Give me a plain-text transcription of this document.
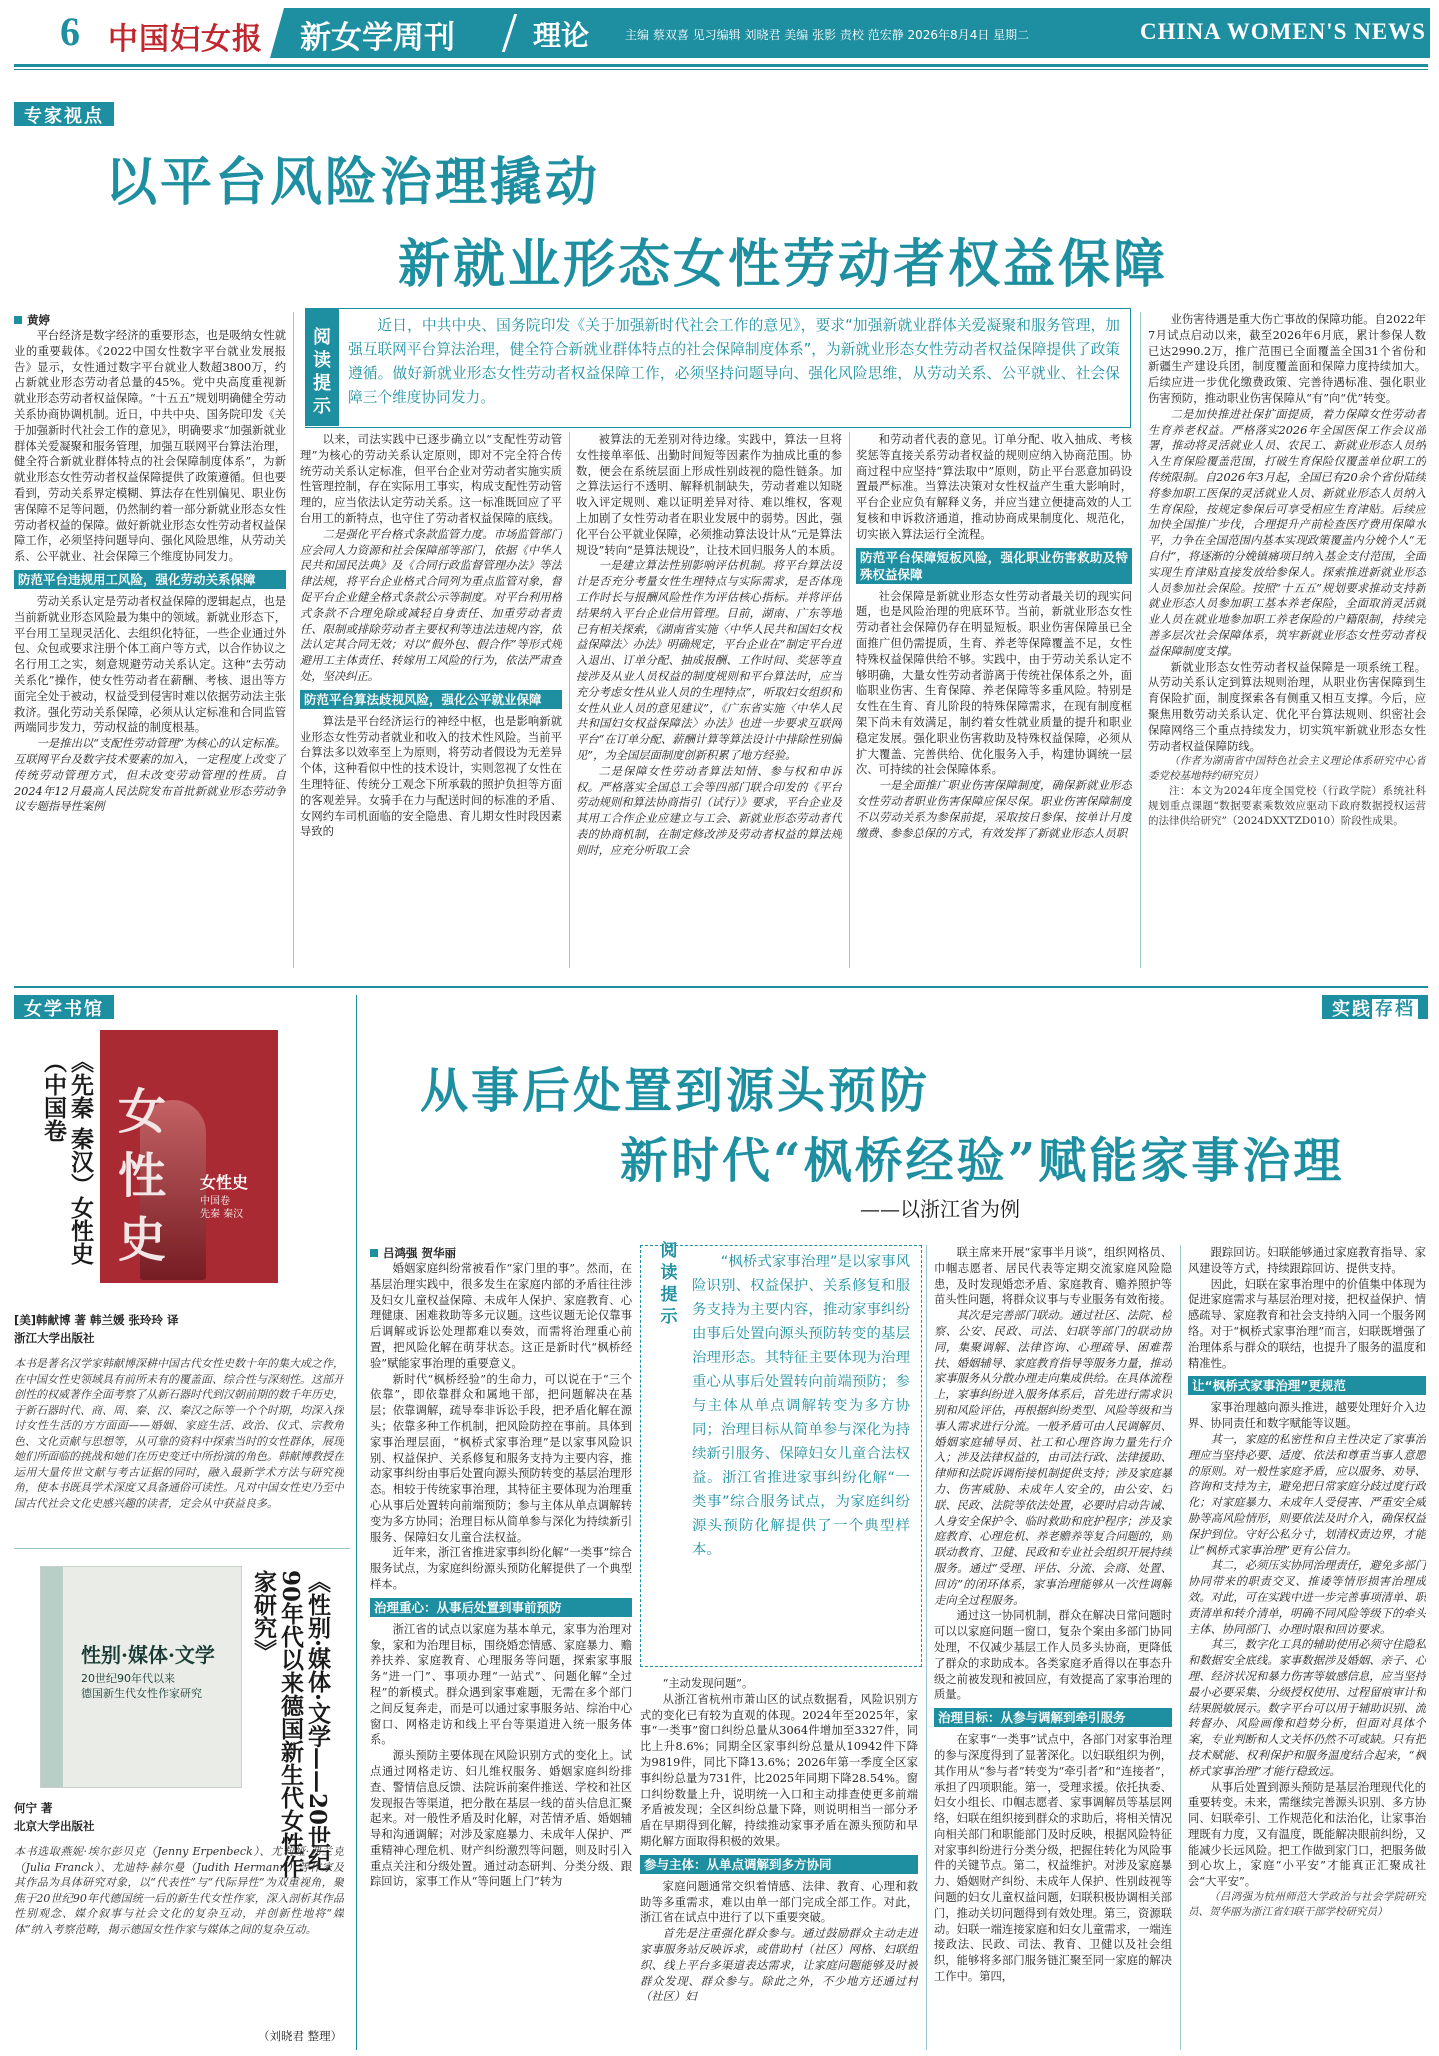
6 中国妇女报 新女学周刊	理论	主编 蔡双喜 见习编辑 刘晓君 美编 张影 责校 范宏静 2026年8月4日 星期二	CHINA WOMEN'S NEWS
专家视点
以平台风险治理撬动
新就业形态女性劳动者权益保障
阅读提示
近日，中共中央、国务院印发《关于加强新时代社会工作的意见》，要求“加强新就业群体关爱凝聚和服务管理，加强互联网平台算法治理，健全符合新就业群体特点的社会保障制度体系”，为新就业形态女性劳动者权益保障提供了政策遵循。做好新就业形态女性劳动者权益保障工作，必须坚持问题导向、强化风险思维，从劳动关系、公平就业、社会保障三个维度协同发力。

黄婷

平台经济是数字经济的重要形态，也是吸纳女性就业的重要载体。《2022中国女性数字平台就业发展报告》显示，女性通过数字平台就业人数超3800万，约占新就业形态劳动者总量的45%。党中央高度重视新就业形态劳动者权益保障。“十五五”规划明确健全劳动关系协商协调机制。近日，中共中央、国务院印发《关于加强新时代社会工作的意见》，明确要求“加强新就业群体关爱凝聚和服务管理，加强互联网平台算法治理，健全符合新就业群体特点的社会保障制度体系”，为新就业形态女性劳动者权益保障提供了政策遵循。但也要看到，劳动关系界定模糊、算法存在性别偏见、职业伤害保障不足等问题，仍然制约着一部分新就业形态女性劳动者权益的保障。做好新就业形态女性劳动者权益保障工作，必须坚持问题导向、强化风险思维，从劳动关系、公平就业、社会保障三个维度协同发力。

防范平台违规用工风险，强化劳动关系保障

劳动关系认定是劳动者权益保障的逻辑起点，也是当前新就业形态风险最为集中的领域。新就业形态下，平台用工呈现灵活化、去组织化特征，一些企业通过外包、众包或要求注册个体工商户等方式，以合作协议之名行用工之实，刻意规避劳动关系认定。这种“去劳动关系化”操作，使女性劳动者在薪酬、考核、退出等方面完全处于被动，权益受到侵害时难以依据劳动法主张救济。强化劳动关系保障，必须从认定标准和合同监管两端同步发力，劳动权益的制度根基。

一是推出以“支配性劳动管理”为核心的认定标准。互联网平台及数字技术要素的加入，一定程度上改变了传统劳动管理方式，但未改变劳动管理的性质。自2024年12月最高人民法院发布首批新就业形态劳动争议专题指导性案例

以来，司法实践中已逐步确立以“支配性劳动管理”为核心的劳动关系认定原则，即对不完全符合传统劳动关系认定标准，但平台企业对劳动者实施实质性管理控制，存在实际用工事实，构成支配性劳动管理的，应当依法认定劳动关系。这一标准既回应了平台用工的新特点，也守住了劳动者权益保障的底线。

二是强化平台格式条款监管力度。市场监管部门应会同人力资源和社会保障部等部门，依据《中华人民共和国民法典》及《合同行政监督管理办法》等法律法规，将平台企业格式合同列为重点监管对象，督促平台企业健全格式条款公示等制度。对平台利用格式条款不合理免除或减轻自身责任、加重劳动者责任、限制或排除劳动者主要权利等违法违规内容，依法认定其合同无效；对以“假外包、假合作”等形式规避用工主体责任、转嫁用工风险的行为，依法严肃查处，坚决纠正。

防范平台算法歧视风险，强化公平就业保障

算法是平台经济运行的神经中枢，也是影响新就业形态女性劳动者就业和收入的技术性风险。当前平台算法多以效率至上为原则，将劳动者假设为无差异个体，这种看似中性的技术设计，实则忽视了女性在生理特征、传统分工观念下所承载的照护负担等方面的客观差异。女骑手在力与配送时间的标准的矛盾、女网约车司机面临的安全隐患、育儿期女性时段因素导致的

被算法的无差别对待边缘。实践中，算法一旦将女性接单率低、出勤时间短等因素作为抽成比重的参数，便会在系统层面上形成性别歧视的隐性链条。加之算法运行不透明、解释机制缺失，劳动者难以知晓收入评定规则、难以证明差异对待、难以维权，客观上加剧了女性劳动者在职业发展中的弱势。因此，强化平台公平就业保障，必须推动算法设计从“元是算法规设”转向“是算法规设”，让技术回归服务人的本质。

一是建立算法性别影响评估机制。将平台算法设计是否充分考量女性生理特点与实际需求，是否体现工作时长与报酬风险性作为评估核心指标。并将评估结果纳入平台企业信用管理。目前，湖南、广东等地已有相关探索，《湖南省实施〈中华人民共和国妇女权益保障法〉办法》明确规定，平台企业在“制定平台进入退出、订单分配、抽成报酬、工作时间、奖惩等直接涉及从业人员权益的制度规则和平台算法时，应当充分考虑女性从业人员的生理特点”，听取妇女组织和女性从业人员的意见建议”，《广东省实施〈中华人民共和国妇女权益保障法〉办法》也进一步要求互联网平台“在订单分配、薪酬计算等算法设计中排除性别偏见”，为全国层面制度创新积累了地方经验。

二是保障女性劳动者算法知情、参与权和申诉权。严格落实全国总工会等四部门联合印发的《平台劳动规则和算法协商指引（试行）》要求，平台企业及其用工合作企业应建立与工会、新就业形态劳动者代表的协商机制，在制定修改涉及劳动者权益的算法规则时，应充分听取工会

和劳动者代表的意见。订单分配、收入抽成、考核奖惩等直接关系劳动者权益的规则应纳入协商范围。协商过程中应坚持“算法取中”原则，防止平台恶意加码设置最严标准。当算法决策对女性权益产生重大影响时，平台企业应负有解释义务，并应当建立便捷高效的人工复核和申诉救济通道，推动协商成果制度化、规范化，切实嵌入算法运行全流程。

防范平台保障短板风险，强化职业伤害救助及特殊权益保障

社会保障是新就业形态女性劳动者最关切的现实问题，也是风险治理的兜底环节。当前，新就业形态女性劳动者社会保障仍存在明显短板。职业伤害保障虽已全面推广但仍需提质，生育、养老等保障覆盖不足，女性特殊权益保障供给不够。实践中，由于劳动关系认定不够明确，大量女性劳动者游离于传统社保体系之外，面临职业伤害、生育保障、养老保障等多重风险。特别是女性在生育、育儿阶段的特殊保障需求，在现有制度框架下尚未有效满足，制约着女性就业质量的提升和职业稳定发展。强化职业伤害救助及特殊权益保障，必须从扩大覆盖、完善供给、优化服务入手，构建协调统一层次、可持续的社会保障体系。

一是全面推广职业伤害保障制度，确保新就业形态女性劳动者职业伤害保障应保尽保。职业伤害保障制度不以劳动关系为参保前提，采取按日参保、按单计月度缴费、参参总保的方式，有效发挥了新就业形态人员职

业伤害待遇是重大伤亡事故的保障功能。自2022年7月试点启动以来，截至2026年6月底，累计参保人数已达2990.2万，推广范围已全面覆盖全国31个省份和新疆生产建设兵团，制度覆盖面和保障力度持续加大。后续应进一步优化缴费政策、完善待遇标准、强化职业伤害预防，推动职业伤害保障从“有”向“优”转变。

二是加快推进社保扩面提质，着力保障女性劳动者生育养老权益。严格落实2026年全国医保工作会议部署，推动将灵活就业人员、农民工、新就业形态人员纳入生育保险覆盖范围，打破生育保险仅覆盖单位职工的传统限制。自2026年3月起，全国已有20余个省份陆续将参加职工医保的灵活就业人员、新就业形态人员纳入生育保险，按规定参保后可享受相应生育津贴。后续应加快全国推广步伐，合理提升产前检查医疗费用保障水平，力争在全国范围内基本实现政策覆盖内分娩个人“无自付”，将逐渐的分娩镇痛项目纳入基金支付范围，全面实现生育津贴直接发放给参保人。探索推进新就业形态人员参加社会保险。按照“十五五”规划要求推动支持新就业形态人员参加职工基本养老保险，全面取消灵活就业人员在就业地参加职工养老保险的户籍限制，持续完善多层次社会保障体系，筑牢新就业形态女性劳动者权益保障制度支撑。

新就业形态女性劳动者权益保障是一项系统工程。从劳动关系认定到算法规则治理，从职业伤害保障到生育保险扩面，制度探索各有侧重又相互支撑。今后，应聚焦用数劳动关系认定、优化平台算法规则、织密社会保障网络三个重点持续发力，切实筑牢新就业形态女性劳动者权益保障防线。

（作者为湖南省中国特色社会主义理论体系研究中心省委党校基地特约研究员）

注：本文为2024年度全国党校（行政学院）系统社科规划重点课题“数据要素乘数效应驱动下政府数据授权运营的法律供给研究”（2024DXXTZD010）阶段性成果。

女学书馆
《先秦 秦汉）女性史（中国卷	女
性
史
女性史
中国卷
先秦 秦汉
[美]韩献博 著 韩兰媛 张玲玲 译
浙江大学出版社
本书是著名汉学家韩献博深耕中国古代女性史数十年的集大成之作，在中国女性史领域具有前所未有的覆盖面、综合性与深刻性。这部开创性的权威著作全面考察了从新石器时代到汉朝前期的数千年历史，于新石器时代、商、周、秦、汉、秦汉之际等一个个时期，均深入探讨女性生活的方方面面——婚姻、家庭生活、政治、仪式、宗教角色、文化贡献与思想等，从可靠的资料中探索当时的女性群体，展现她们所面临的挑战和她们在历史变迁中所扮演的角色。韩献博教授在运用大量传世文献与考古证据的同时，融入最新学术方法与研究视角，使本书既具学术深度又具备通俗可读性。凡对中国女性史乃至中国古代社会文化史感兴趣的读者，定会从中获益良多。
性别·媒体·文学
20世纪90年代以来
德国新生代女性作家研究	《性别·媒体·文学——20世纪90年代以来德国新生代女性作家研究》
何宁 著
北京大学出版社
本书选取燕妮·埃尔彭贝克（Jenny Erpenbeck）、尤莉娅·弗兰克（Julia Franck）、尤迪特·赫尔曼（Judith Hermann）等作家及其作品为具体研究对象，以“代表性”与“代际异性”为双重视角，聚焦于20世纪90年代德国统一后的新生代女性作家，深入剖析其作品性别观念、媒介叙事与社会文化的复杂互动，并创新性地将“媒体”纳入考察范畴，揭示德国女性作家与媒体之间的复杂互动。
（刘晓君 整理）
实践 存档
从事后处置到源头预防
新时代“枫桥经验”赋能家事治理
——以浙江省为例

吕鸿强 贺华丽

婚姻家庭纠纷常被看作“家门里的事”。然而，在基层治理实践中，很多发生在家庭内部的矛盾往往涉及妇女儿童权益保障、未成年人保护、家庭教育、心理健康、困难救助等多元议题。这些议题无论仅靠事后调解或诉讼处理都难以奏效，而需将治理重心前置，把风险化解在萌芽状态。这正是新时代“枫桥经验”赋能家事治理的重要意义。

新时代“枫桥经验”的生命力，可以说在于“三个依靠”，即依靠群众和属地干部，把问题解决在基层；依靠调解，疏导奉非诉讼手段，把矛盾化解在源头；依靠多种工作机制，把风险防控在事前。具体到家事治理层面，“枫桥式家事治理”是以家事风险识别、权益保护、关系修复和服务支持为主要内容，推动家事纠纷由事后处置向源头预防转变的基层治理形态。相较于传统家事治理，其特征主要体现为治理重心从事后处置转向前端预防；参与主体从单点调解转变为多方协同；治理目标从简单参与深化为持续新引服务、保障妇女儿童合法权益。

近年来，浙江省推进家事纠纷化解“一类事”综合服务试点，为家庭纠纷源头预防化解提供了一个典型样本。

治理重心：从事后处置到事前预防

浙江省的试点以家庭为基本单元，家事为治理对象，家和为治理目标，围绕婚恋情感、家庭暴力、赡养扶养、家庭教育、心理服务等问题，探索家事服务“进一门”、事项办理“一站式”、问题化解“全过程”的新模式。群众遇到家事难题，无需在多个部门之间反复奔走，而是可以通过家事服务站、综治中心窗口、网格走访和线上平台等渠道进入统一服务体系。

源头预防主要体现在风险识别方式的变化上。试点通过网格走访、妇儿维权服务、婚姻家庭纠纷排查、警情信息反馈、法院诉前案件推送、学校和社区发现报告等渠道，把分散在基层一线的苗头信息汇聚起来。对一般性矛盾及时化解，对苦情矛盾、婚姻辅导和沟通调解；对涉及家庭暴力、未成年人保护、严重精神心理危机、财产纠纷激烈等问题，则及时引入重点关注和分级处置。通过动态研判、分类分级、跟踪回访，家事工作从“等问题上门”转为

阅读提示
“枫桥式家事治理”是以家事风险识别、权益保护、关系修复和服务支持为主要内容，推动家事纠纷由事后处置向源头预防转变的基层治理形态。其特征主要体现为治理重心从事后处置转向前端预防；参与主体从单点调解转变为多方协同；治理目标从简单参与深化为持续新引服务、保障妇女儿童合法权益。浙江省推进家事纠纷化解“一类事”综合服务试点，为家庭纠纷源头预防化解提供了一个典型样本。

“主动发现问题”。

从浙江省杭州市萧山区的试点数据看，风险识别方式的变化已有较为直观的体现。2024年至2025年，家事“一类事”窗口纠纷总量从3064件增加至3327件，同比上升8.6%；同期全区家事纠纷总量从10942件下降为9819件，同比下降13.6%；2026年第一季度全区家事纠纷总量为731件，比2025年同期下降28.54%。窗口纠纷数量上升，说明统一入口和主动排查使更多前端矛盾被发现；全区纠纷总量下降，则说明相当一部分矛盾在早期得到化解，持续推动家事矛盾在源头预防和早期化解方面取得积极的效果。

参与主体：从单点调解到多方协同

家庭问题通常交织着情感、法律、教育、心理和救助等多重需求，难以由单一部门完成全部工作。对此，浙江省在试点中进行了以下重要突破。

首先是注重强化群众参与。通过鼓励群众主动走进家事服务站反映诉求，或借助村（社区）网格、妇联组织、线上平台多渠道表达需求，让家庭问题能够及时被群众发现、群众参与。除此之外，不少地方还通过村（社区）妇

联主席来开展“家事半月谈”，组织网格员、巾帼志愿者、居民代表等定期交流家庭风险隐患，及时发现婚恋矛盾、家庭教育、赡养照护等苗头性问题，将群众议事与专业服务有效衔接。

其次是完善部门联动。通过社区、法院、检察、公安、民政、司法、妇联等部门的联动协同，集聚调解、法律咨询、心理疏导、困难帮扶、婚姻辅导、家庭教育指导等服务力量，推动家事服务从分散办理走向集成供给。在具体流程上，家事纠纷进入服务体系后，首先进行需求识别和风险评估，再根据纠纷类型、风险等级和当事人需求进行分流。一般矛盾可由人民调解员、婚姻家庭辅导员、社工和心理咨询力量先行介入；涉及法律权益的，由司法行政、法律援助、律师和法院诉调衔接机制提供支持；涉及家庭暴力、伤害威胁、未成年人安全的，由公安、妇联、民政、法院等依法处置，必要时启动告诫、人身安全保护令、临时救助和庇护程序；涉及家庭教育、心理危机、养老赡养等复合问题的，则联动教育、卫健、民政和专业社会组织开展持续服务。通过“受理、评估、分流、会商、处置、回访”的闭环体系，家事治理能够从一次性调解走向全过程服务。

通过这一协同机制，群众在解决日常问题时可以以家庭问题一窗口，复杂个案由多部门协同处理，不仅减少基层工作人员多头协商，更降低了群众的求助成本。各类家庭矛盾得以在事态升级之前被发现和被回应，有效提高了家事治理的质量。

治理目标：从参与调解到牵引服务

在家事“一类事”试点中，各部门对家事治理的参与深度得到了显著深化。以妇联组织为例，其作用从“参与者”转变为“牵引者”和“连接者”，承担了四项职能。第一，受理求援。依托执委、妇女小组长、巾帼志愿者、家事调解员等基层网络，妇联在组织接到群众的求助后，将相关情况向相关部门和职能部门及时反映，根据风险特征对家事纠纷进行分类分级，把握住转化为风险事件的关键节点。第二，权益维护。对涉及家庭暴力、婚姻财产纠纷、未成年人保护、性别歧视等问题的妇女儿童权益问题，妇联积极协调相关部门，推动关切问题得到有效处理。第三，资源联动。妇联一端连接家庭和妇女儿童需求，一端连接政法、民政、司法、教育、卫健以及社会组织，能够将多部门服务链汇聚至同一家庭的解决工作中。第四，

跟踪回访。妇联能够通过家庭教育指导、家风建设等方式，持续跟踪回访、提供支持。

因此，妇联在家事治理中的价值集中体现为促进家庭需求与基层治理对接，把权益保护、情感疏导、家庭教育和社会支持纳入同一个服务网络。对于“枫桥式家事治理”而言，妇联既增强了治理体系与群众的联结，也提升了服务的温度和精准性。

让“枫桥式家事治理”更规范

家事治理越向源头推进，越要处理好介入边界、协同责任和数字赋能等议题。

其一，家庭的私密性和自主性决定了家事治理应当坚持必要、适度、依法和尊重当事人意愿的原则。对一般性家庭矛盾，应以服务、劝导、咨询和支持为主，避免把日常家庭分歧过度行政化；对家庭暴力、未成年人受侵害、严重安全威胁等高风险情形，则要依法及时介入，确保权益保护到位。守好公私分寸，划清权责边界，才能让“枫桥式家事治理”更有公信力。

其二，必须压实协同治理责任，避免多部门协同带来的职责交叉、推诿等情形损害治理成效。对此，可在实践中进一步完善事项清单、职责清单和转介清单，明确不同风险等级下的牵头主体、协同部门、办理时限和回访要求。

其三，数字化工具的辅助使用必须守住隐私和数据安全底线。家事数据涉及婚姻、亲子、心理、经济状况和暴力伤害等敏感信息，应当坚持最小必要采集、分级授权使用、过程留痕审计和结果脱敏展示。数字平台可以用于辅助识别、流转督办、风险画像和趋势分析，但面对具体个案，专业判断和人文关怀仍然不可或缺。只有把技术赋能、权利保护和服务温度结合起来，“枫桥式家事治理”才能行稳致远。

从事后处置到源头预防是基层治理现代化的重要转变。未来，需继续完善源头识别、多方协同、妇联牵引、工作规范化和法治化，让家事治理既有力度，又有温度，既能解决眼前纠纷，又能减少长远风险。把工作做到家门口，把服务做到心坎上，家庭“小平安”才能真正汇聚成社会“大平安”。

（吕鸿强为杭州师范大学政治与社会学院研究员、贺华丽为浙江省妇联干部学校研究员）
